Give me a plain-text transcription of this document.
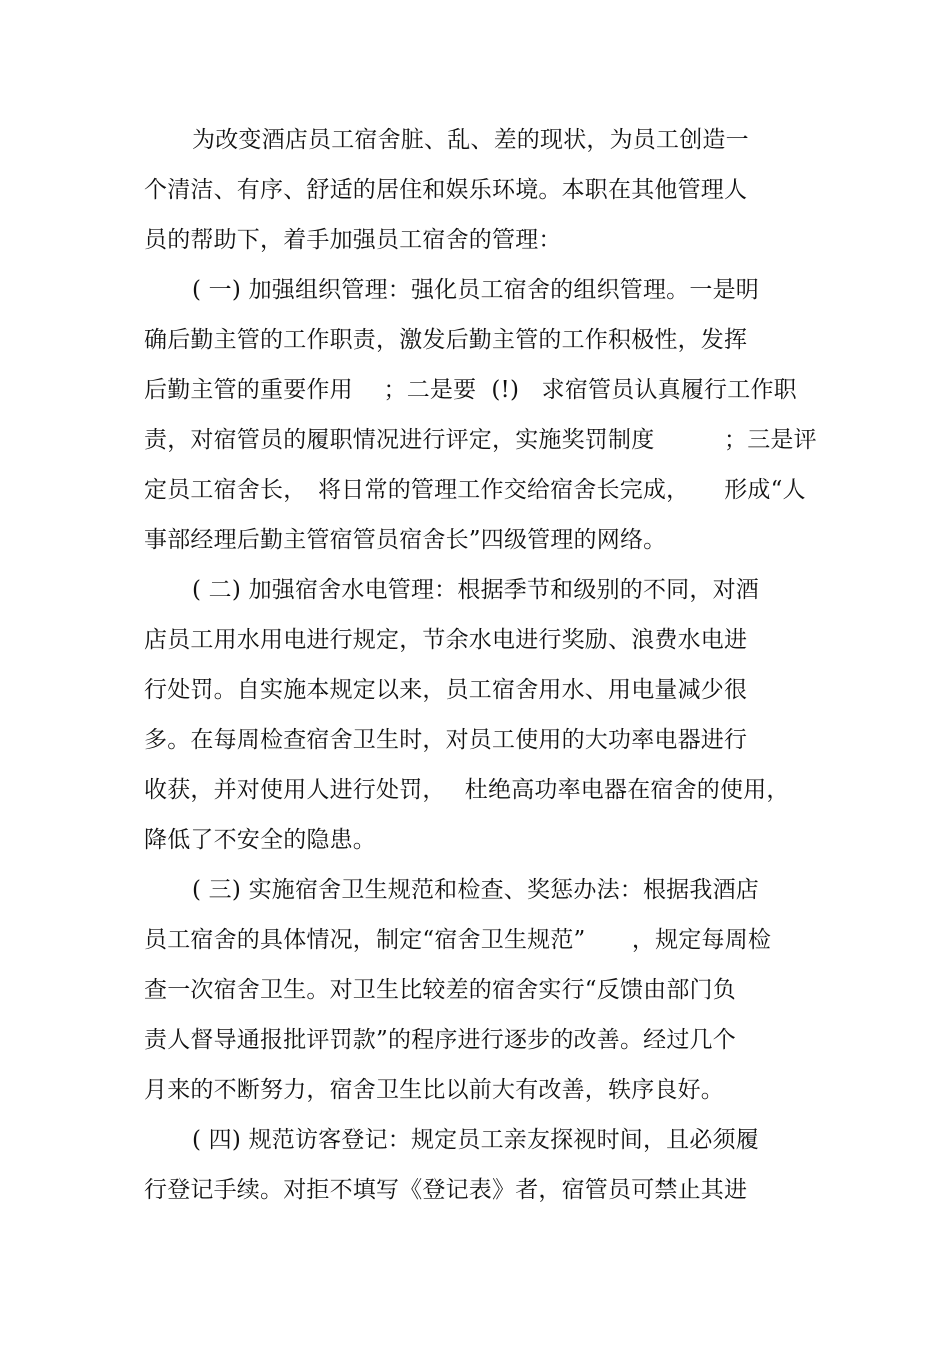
为改变酒店员工宿舍脏、乱、差的现状，为员工创造一
个清洁、有序、舒适的居住和娱乐环境。本职在其他管理人
员的帮助下，着手加强员工宿舍的管理：
( 一) 加强组织管理：强化员工宿舍的组织管理。一是明
确后勤主管的工作职责，激发后勤主管的工作积极性，发挥
后勤主管的重要作用　 ；二是要  (!)   求宿管员认真履行工作职
责，对宿管员的履职情况进行评定，实施奖罚制度　　　；三是评
定员工宿舍长，　将日常的管理工作交给宿舍长完成，　　形成“人
事部经理后勤主管宿管员宿舍长”四级管理的网络。
( 二) 加强宿舍水电管理：根据季节和级别的不同，对酒
店员工用水用电进行规定，节余水电进行奖励、浪费水电进
行处罚。自实施本规定以来，员工宿舍用水、用电量减少很
多。在每周检查宿舍卫生时，对员工使用的大功率电器进行
收获，并对使用人进行处罚，　 杜绝高功率电器在宿舍的使用，
降低了不安全的隐患。
( 三) 实施宿舍卫生规范和检查、奖惩办法：根据我酒店
员工宿舍的具体情况，制定“宿舍卫生规范”　　，规定每周检
查一次宿舍卫生。对卫生比较差的宿舍实行“反馈由部门负
责人督导通报批评罚款”的程序进行逐步的改善。经过几个
月来的不断努力，宿舍卫生比以前大有改善，轶序良好。
( 四) 规范访客登记：规定员工亲友探视时间，且必须履
行登记手续。对拒不填写《登记表》者，宿管员可禁止其进
